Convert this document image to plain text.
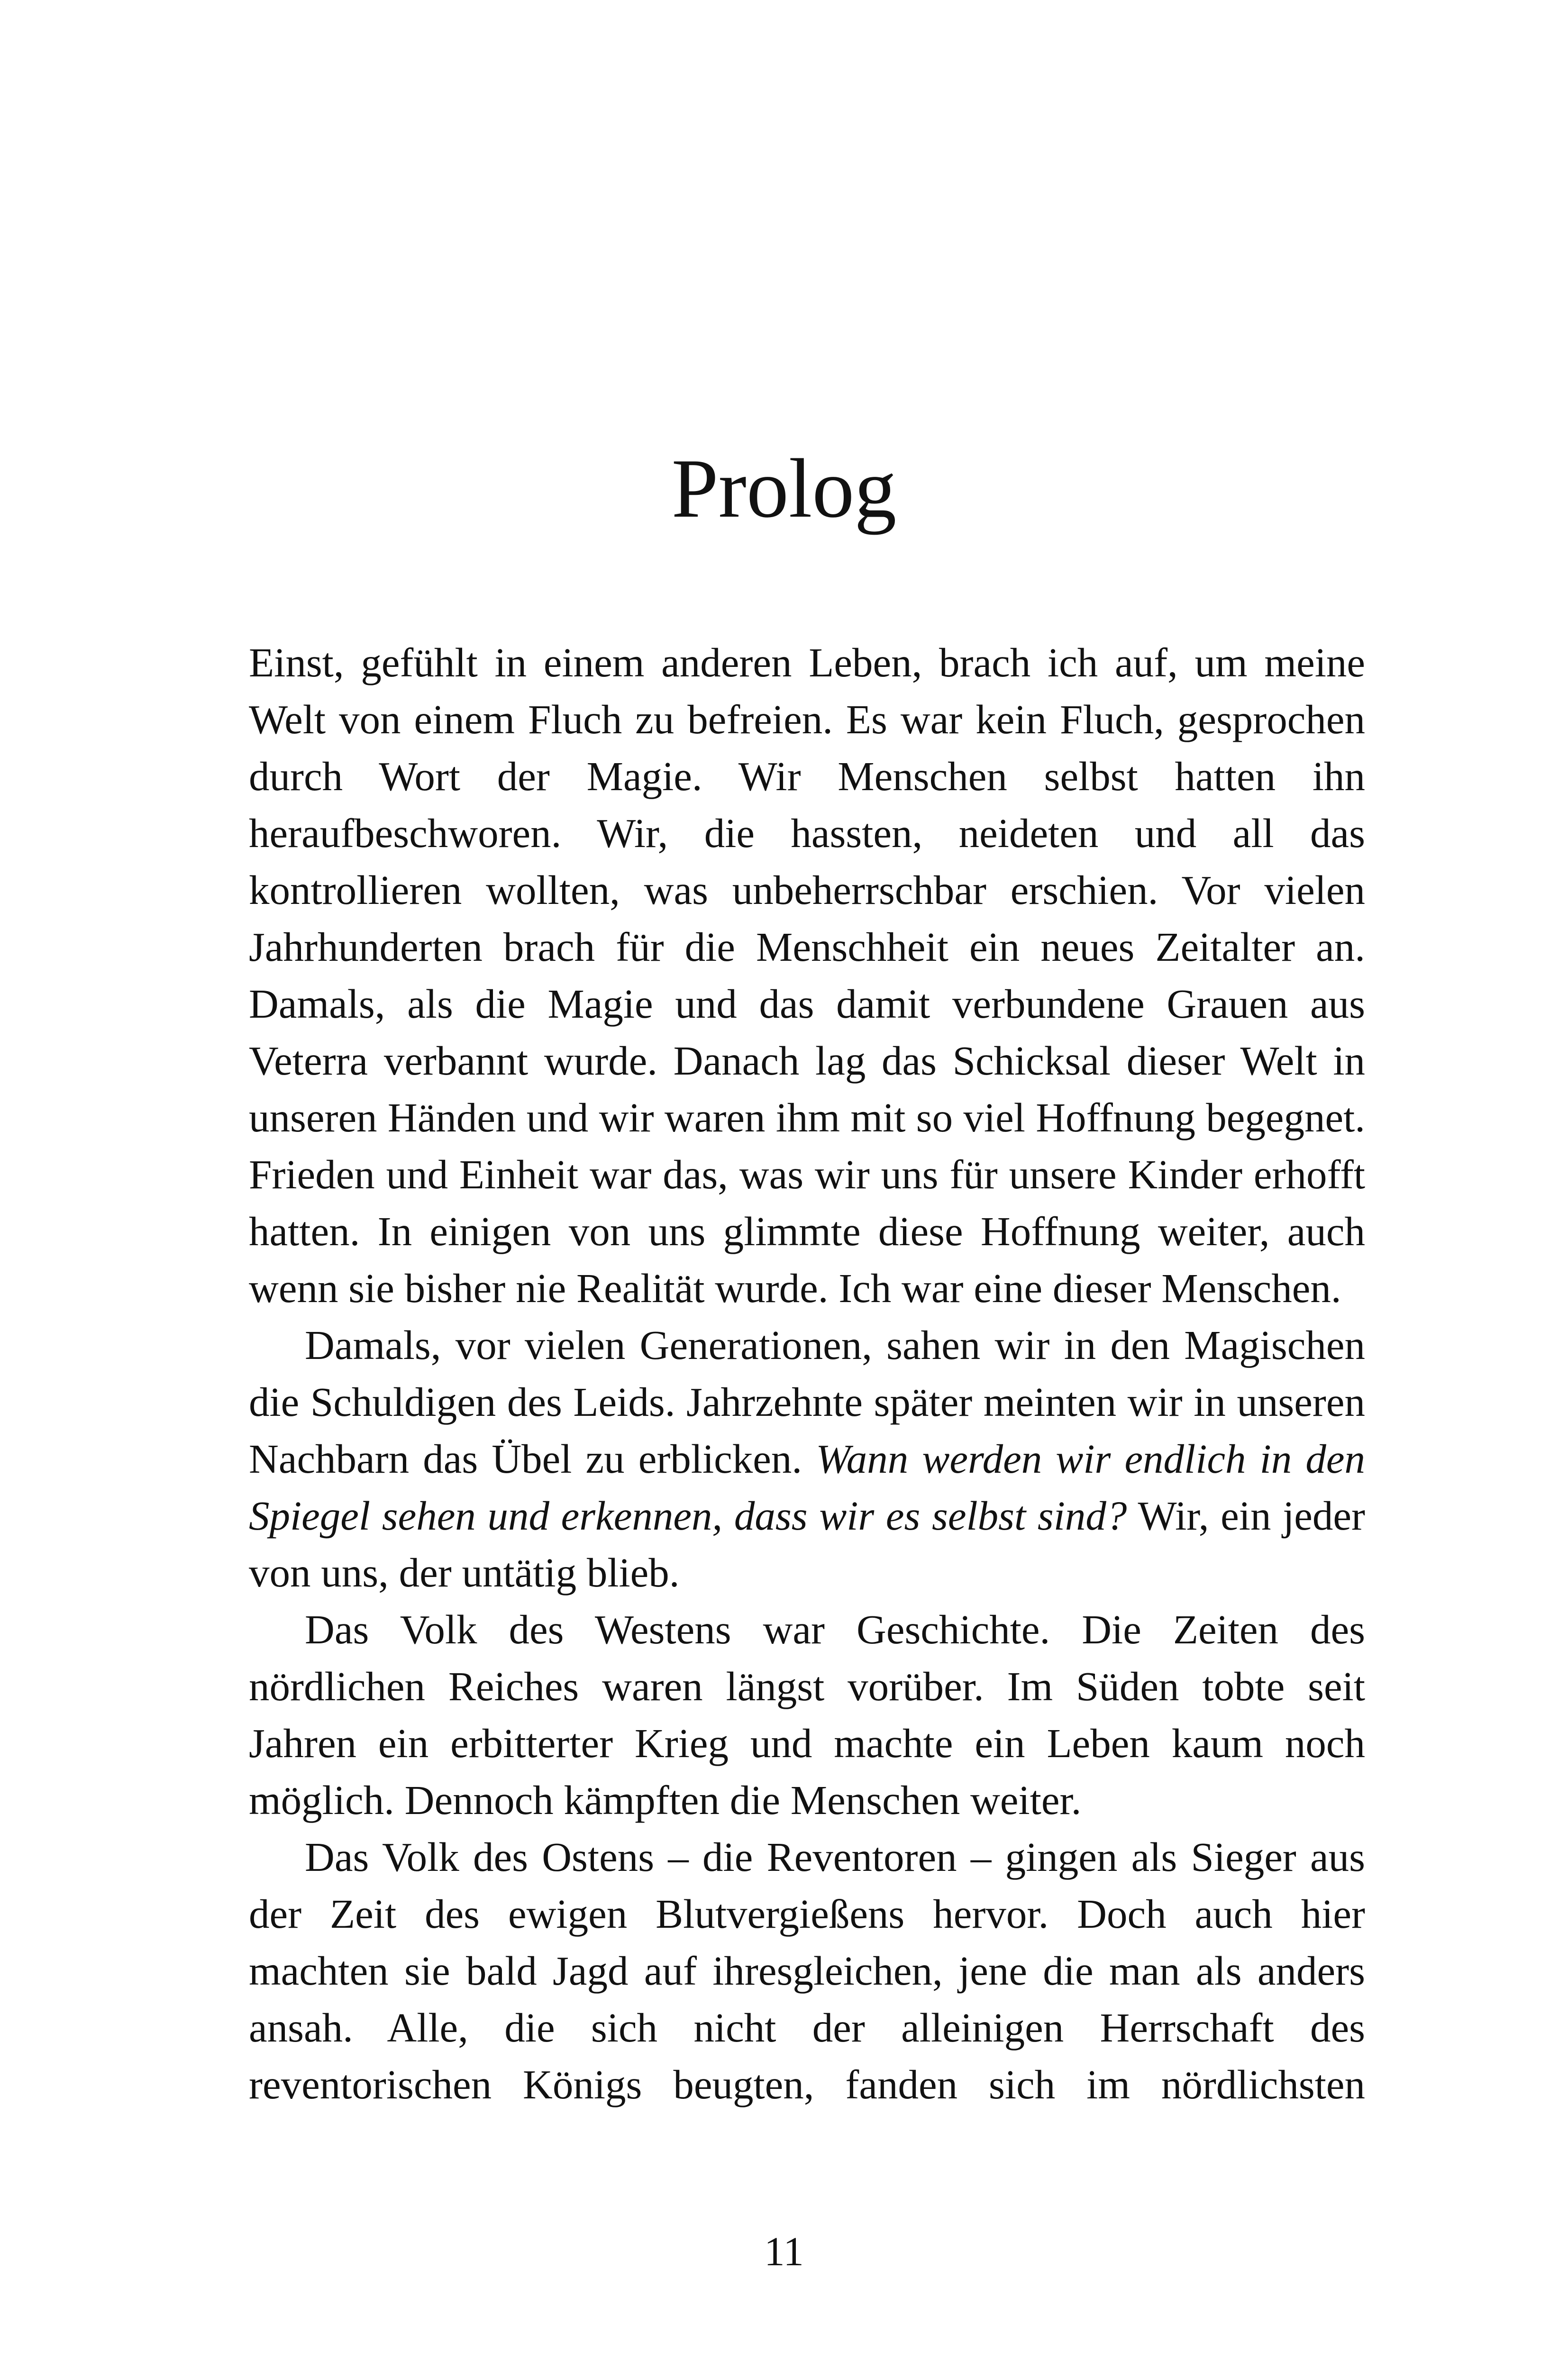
Prolog

Einst, gefühlt in einem anderen Leben, brach ich auf, um meine Welt von einem Fluch zu befreien. Es war kein Fluch, gesprochen durch Wort der Magie. Wir Menschen selbst hatten ihn heraufbeschworen. Wir, die hassten, neideten und all das kontrollieren wollten, was unbeherrschbar erschien. Vor vielen Jahrhunderten brach für die Menschheit ein neues Zeitalter an. Damals, als die Magie und das damit verbundene Grauen aus Veterra verbannt wurde. Danach lag das Schicksal dieser Welt in unseren Händen und wir waren ihm mit so viel Hoffnung begegnet. Frieden und Einheit war das, was wir uns für unsere Kinder erhofft hatten. In einigen von uns glimmte diese Hoffnung weiter, auch wenn sie bisher nie Realität wurde. Ich war eine dieser Menschen.

Damals, vor vielen Generationen, sahen wir in den Magischen die Schuldigen des Leids. Jahrzehnte später meinten wir in unseren Nachbarn das Übel zu erblicken. Wann werden wir endlich in den Spiegel sehen und erkennen, dass wir es selbst sind? Wir, ein jeder von uns, der untätig blieb.

Das Volk des Westens war Geschichte. Die Zeiten des nördlichen Reiches waren längst vorüber. Im Süden tobte seit Jahren ein erbitterter Krieg und machte ein Leben kaum noch möglich. Dennoch kämpften die Menschen weiter.

Das Volk des Ostens – die Reventoren – gingen als Sieger aus der Zeit des ewigen Blutvergießens hervor. Doch auch hier machten sie bald Jagd auf ihresgleichen, jene die man als anders ansah. Alle, die sich nicht der alleinigen Herrschaft des reventorischen Königs beugten, fanden sich im nördlichsten

11
